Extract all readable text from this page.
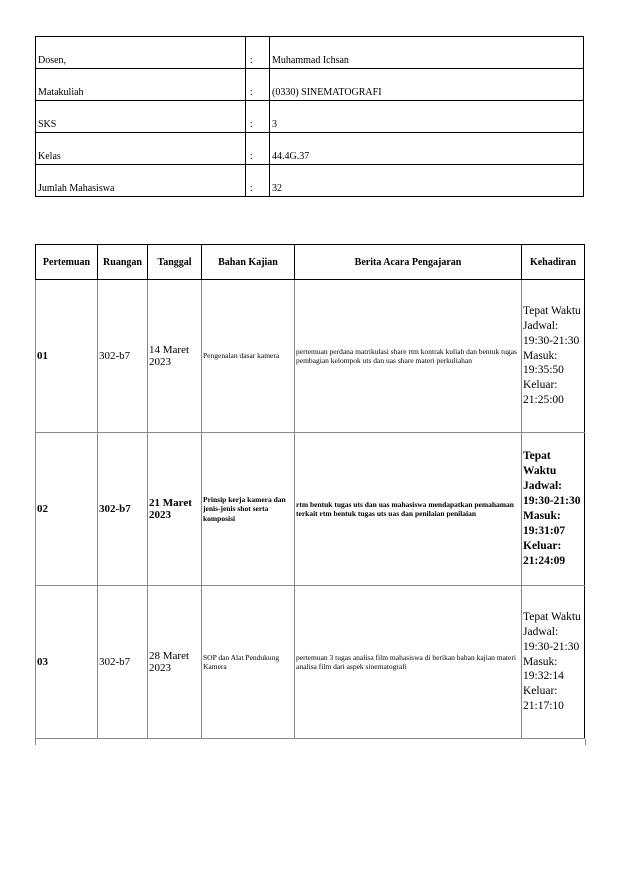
Dosen,	:	Muhammad Ichsan
Matakuliah	:	(0330) SINEMATOGRAFI
SKS	:	3
Kelas	:	44.4G.37
Jumlah Mahasiswa	:	32
Pertemuan	Ruangan	Tanggal	Bahan Kajian	Berita Acara Pengajaran	Kehadiran
01	302-b7	14 Maret 2023	Pengenalan dasar kamera	pertemuan perdana matrikulasi share rtm kontrak kuliah dan bentuk tugas pembagian kelompok uts dan uas share materi perkuliahan	Tepat Waktu
Jadwal: 19:30-21:30
Masuk: 19:35:50
Keluar: 21:25:00

02	302-b7	21 Maret 2023	Prinsip kerja kamera dan jenis-jenis shot serta komposisi	rtm bentuk tugas uts dan uas mahasiswa mendapatkan pemahaman terkait rtm bentuk tugas uts uas dan penilaian penilaian	Tepat Waktu
Jadwal: 19:30-21:30
Masuk: 19:31:07
Keluar: 21:24:09

03	302-b7	28 Maret 2023	SOP dan Alat Pendukung Kamera	pertemuan 3 tugas analisa film mahasiswa di berikan bahan kajian materi analisa film dari aspek sinematografi	Tepat Waktu
Jadwal: 19:30-21:30
Masuk: 19:32:14
Keluar: 21:17:10
